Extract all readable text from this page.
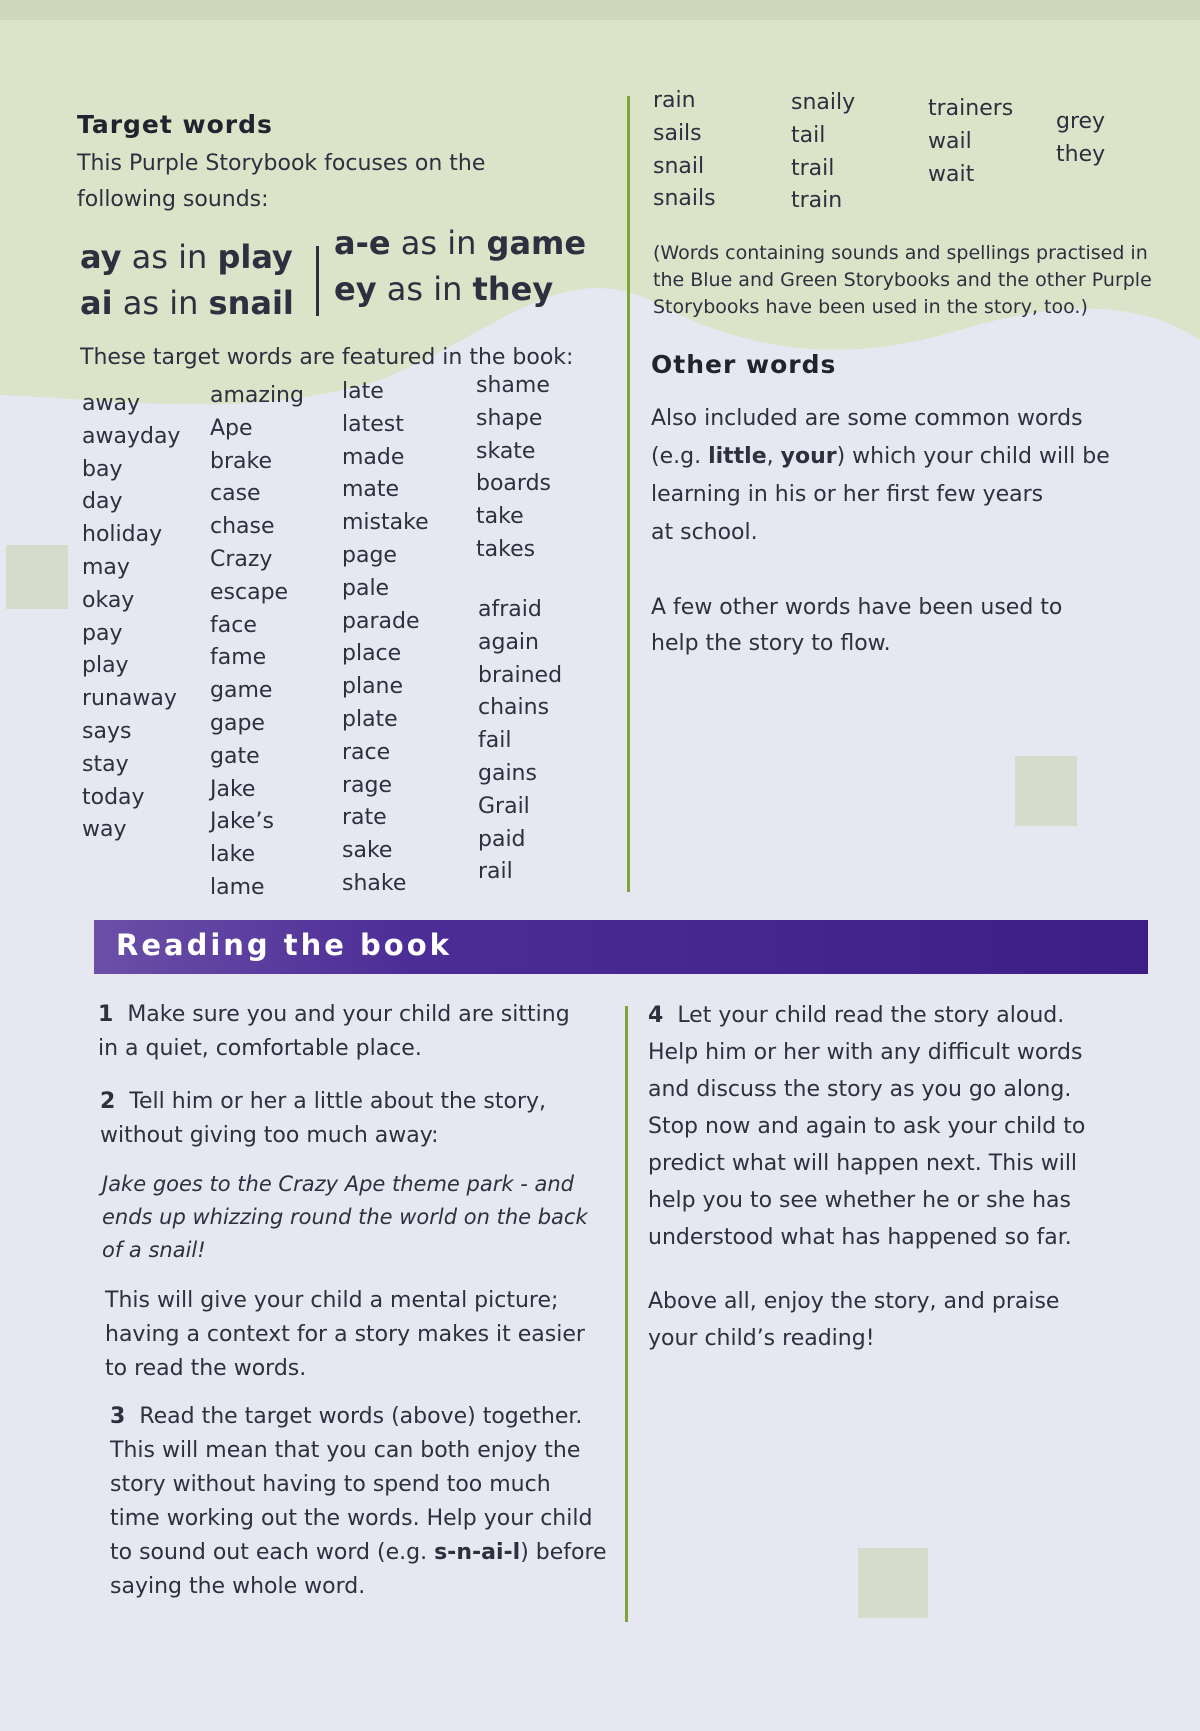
Target words
This Purple Storybook focuses on the
following sounds:
ay as in play
ai as in snail
a-e as in game
ey as in they
These target words are featured in the book:
away
awayday
bay
day
holiday
may
okay
pay
play
runaway
says
stay
today
way
amazing
Ape
brake
case
chase
Crazy
escape
face
fame
game
gape
gate
Jake
Jake’s
lake
lame
late
latest
made
mate
mistake
page
pale
parade
place
plane
plate
race
rage
rate
sake
shake
shame
shape
skate
boards
take
takes
afraid
again
brained
chains
fail
gains
Grail
paid
rail
rain
sails
snail
snails
snaily
tail
trail
train
trainers
wail
wait
grey
they
(Words containing sounds and spellings practised in
the Blue and Green Storybooks and the other Purple
Storybooks have been used in the story, too.)
Other words
Also included are some common words
(e.g. little, your) which your child will be
learning in his or her first few years
at school.
A few other words have been used to
help the story to flow.
Reading the book
1 Make sure you and your child are sitting
in a quiet, comfortable place.
2 Tell him or her a little about the story,
without giving too much away:
Jake goes to the Crazy Ape theme park - and
ends up whizzing round the world on the back
of a snail!
This will give your child a mental picture;
having a context for a story makes it easier
to read the words.
3 Read the target words (above) together.
This will mean that you can both enjoy the
story without having to spend too much
time working out the words. Help your child
to sound out each word (e.g. s-n-ai-l) before
saying the whole word.
4 Let your child read the story aloud.
Help him or her with any difficult words
and discuss the story as you go along.
Stop now and again to ask your child to
predict what will happen next. This will
help you to see whether he or she has
understood what has happened so far.
Above all, enjoy the story, and praise
your child’s reading!
